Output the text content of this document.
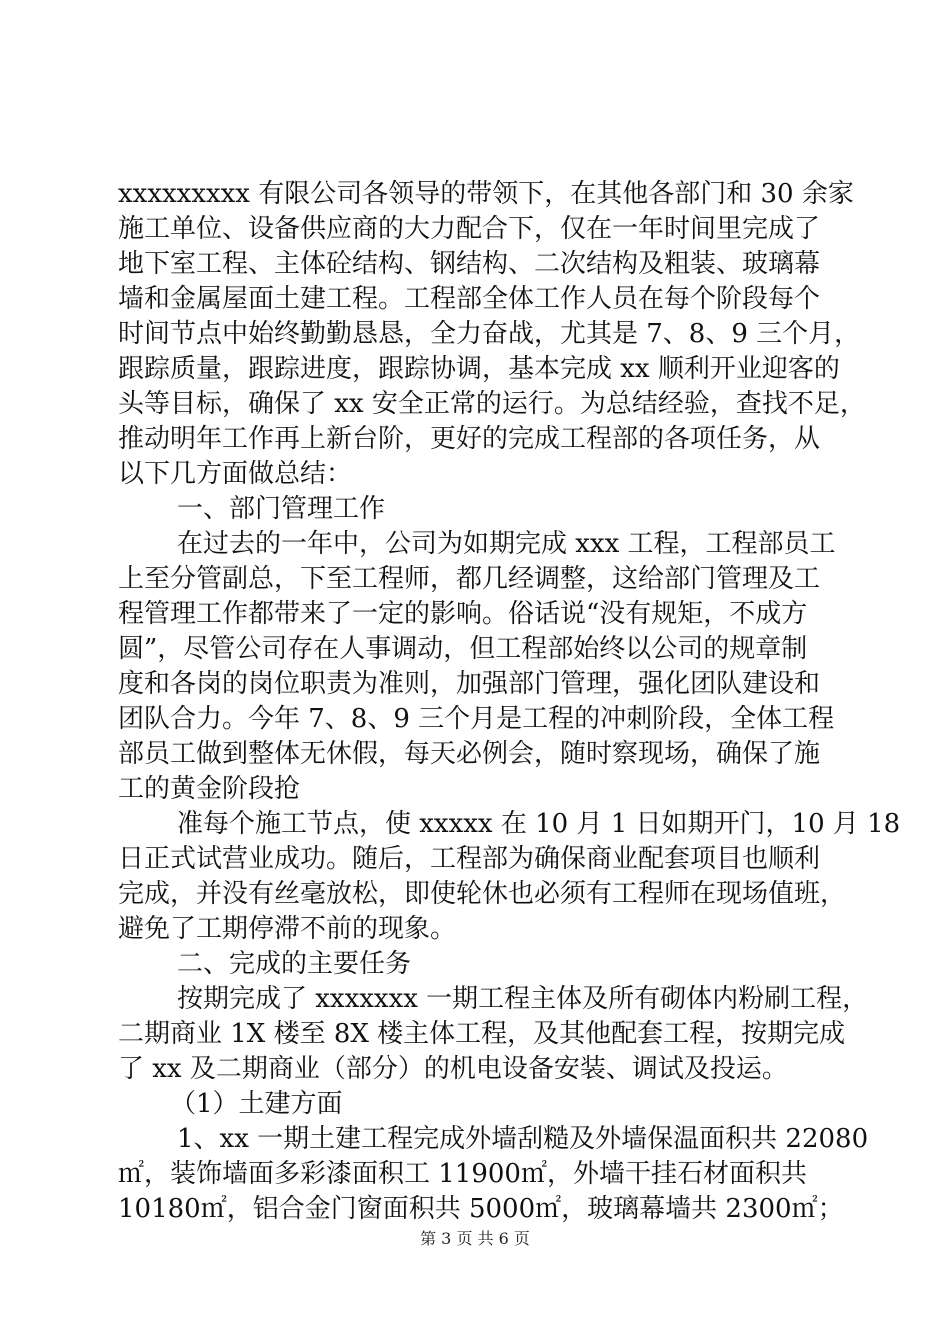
xxxxxxxxx 有限公司各领导的带领下，在其他各部门和 30 余家
施工单位、设备供应商的大力配合下，仅在一年时间里完成了
地下室工程、主体砼结构、钢结构、二次结构及粗装、玻璃幕
墙和金属屋面土建工程。工程部全体工作人员在每个阶段每个
时间节点中始终勤勤恳恳，全力奋战，尤其是 7、8、9 三个月，
跟踪质量，跟踪进度，跟踪协调，基本完成 xx 顺利开业迎客的
头等目标，确保了 xx 安全正常的运行。为总结经验，查找不足，
推动明年工作再上新台阶，更好的完成工程部的各项任务，从
以下几方面做总结：
一、部门管理工作
在过去的一年中，公司为如期完成 xxx 工程，工程部员工
上至分管副总，下至工程师，都几经调整，这给部门管理及工
程管理工作都带来了一定的影响。俗话说“没有规矩，不成方
圆”，尽管公司存在人事调动，但工程部始终以公司的规章制
度和各岗的岗位职责为准则，加强部门管理，强化团队建设和
团队合力。今年 7、8、9 三个月是工程的冲刺阶段，全体工程
部员工做到整体无休假，每天必例会，随时察现场，确保了施
工的黄金阶段抢
准每个施工节点，使 xxxxx 在 10 月 1 日如期开门，10 月 18
日正式试营业成功。随后，工程部为确保商业配套项目也顺利
完成，并没有丝毫放松，即使轮休也必须有工程师在现场值班，
避免了工期停滞不前的现象。
二、完成的主要任务
按期完成了 xxxxxxx 一期工程主体及所有砌体内粉刷工程，
二期商业 1X 楼至 8X 楼主体工程，及其他配套工程，按期完成
了 xx 及二期商业（部分）的机电设备安装、调试及投运。
（1）土建方面
1、xx 一期土建工程完成外墙刮糙及外墙保温面积共 22080
㎡，装饰墙面多彩漆面积工 11900㎡，外墙干挂石材面积共
10180㎡，铝合金门窗面积共 5000㎡，玻璃幕墙共 2300㎡；
第 3 页 共 6 页
